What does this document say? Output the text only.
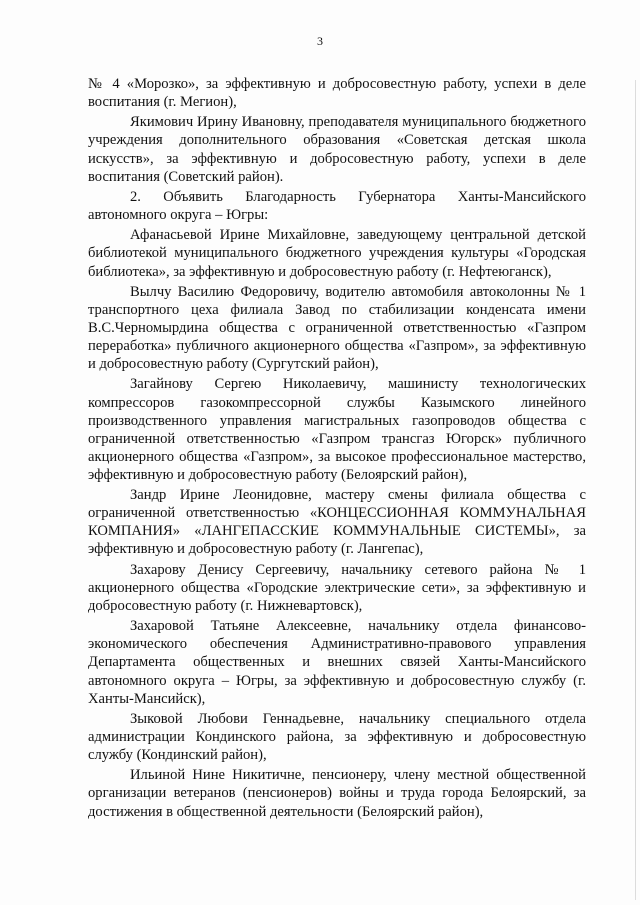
3

№ 4 «Морозко», за эффективную и добросовестную работу, успехи в деле воспитания (г. Мегион),

Якимович Ирину Ивановну, преподавателя муниципального бюджетного учреждения дополнительного образования «Советская детская школа искусств», за эффективную и добросовестную работу, успехи в деле воспитания (Советский район).

2. Объявить Благодарность Губернатора Ханты-Мансийского автономного округа – Югры:

Афанасьевой Ирине Михайловне, заведующему центральной детской библиотекой муниципального бюджетного учреждения культуры «Городская библиотека», за эффективную и добросовестную работу (г. Нефтеюганск),

Вылчу Василию Федоровичу, водителю автомобиля автоколонны № 1 транспортного цеха филиала Завод по стабилизации конденсата имени В.С.Черномырдина общества с ограниченной ответственностью «Газпром переработка» публичного акционерного общества «Газпром», за эффективную и добросовестную работу (Сургутский район),

Загайнову Сергею Николаевичу, машинисту технологических компрессоров газокомпрессорной службы Казымского линейного производственного управления магистральных газопроводов общества с ограниченной ответственностью «Газпром трансгаз Югорск» публичного акционерного общества «Газпром», за высокое профессиональное мастерство, эффективную и добросовестную работу (Белоярский район),

Зандр Ирине Леонидовне, мастеру смены филиала общества с ограниченной ответственностью «КОНЦЕССИОННАЯ КОММУНАЛЬНАЯ КОМПАНИЯ» «ЛАНГЕПАССКИЕ КОММУНАЛЬНЫЕ СИСТЕМЫ», за эффективную и добросовестную работу (г. Лангепас),

Захарову Денису Сергеевичу, начальнику сетевого района № 1 акционерного общества «Городские электрические сети», за эффективную и добросовестную работу (г. Нижневартовск),

Захаровой Татьяне Алексеевне, начальнику отдела финансово-экономического обеспечения Административно-правового управления Департамента общественных и внешних связей Ханты-Мансийского автономного округа – Югры, за эффективную и добросовестную службу (г. Ханты-Мансийск),

Зыковой Любови Геннадьевне, начальнику специального отдела администрации Кондинского района, за эффективную и добросовестную службу (Кондинский район),

Ильиной Нине Никитичне, пенсионеру, члену местной общественной организации ветеранов (пенсионеров) войны и труда города Белоярский, за достижения в общественной деятельности (Белоярский район),
